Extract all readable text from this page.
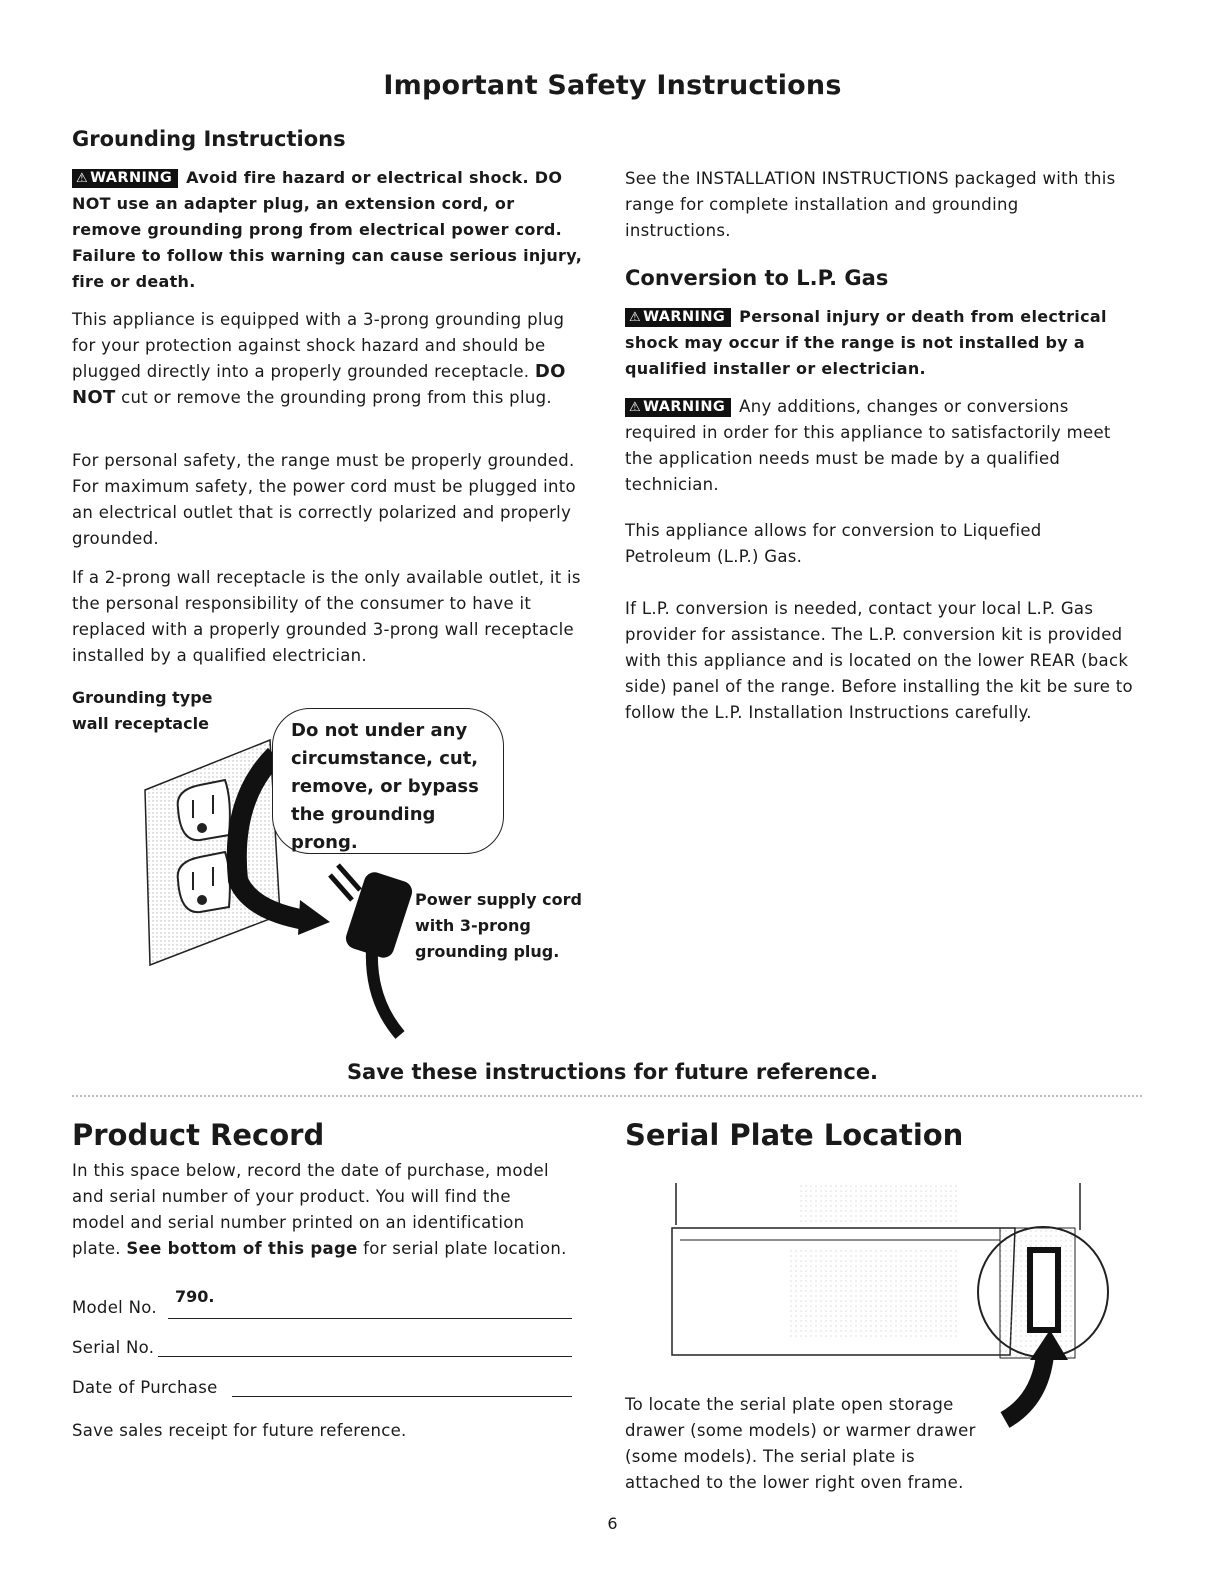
Important Safety Instructions
Grounding Instructions

⚠ WARNING Avoid fire hazard or electrical shock. DO NOT use an adapter plug, an extension cord, or remove grounding prong from electrical power cord. Failure to follow this warning can cause serious injury, fire or death.

This appliance is equipped with a 3-prong grounding plug for your protection against shock hazard and should be plugged directly into a properly grounded receptacle. DO NOT cut or remove the grounding prong from this plug.

For personal safety, the range must be properly grounded. For maximum safety, the power cord must be plugged into an electrical outlet that is correctly polarized and properly grounded.

If a 2-prong wall receptacle is the only available outlet, it is the personal responsibility of the consumer to have it replaced with a properly grounded 3-prong wall receptacle installed by a qualified electrician.

Grounding type
wall receptacle	Do not under any
circumstance, cut,
remove, or bypass
the grounding prong.
Power supply cord
with 3-prong
grounding plug.

See the INSTALLATION INSTRUCTIONS packaged with this range for complete installation and grounding instructions.

Conversion to L.P. Gas

⚠ WARNING Personal injury or death from electrical shock may occur if the range is not installed by a qualified installer or electrician.

⚠ WARNING Any additions, changes or conversions required in order for this appliance to satisfactorily meet the application needs must be made by a qualified technician.

This appliance allows for conversion to Liquefied Petroleum (L.P.) Gas.

If L.P. conversion is needed, contact your local L.P. Gas provider for assistance. The L.P. conversion kit is provided with this appliance and is located on the lower REAR (back side) panel of the range. Before installing the kit be sure to follow the L.P. Installation Instructions carefully.

Save these instructions for future reference.
Product Record

In this space below, record the date of purchase, model and serial number of your product. You will find the model and serial number printed on an identification plate. See bottom of this page for serial plate location.

Model No.
790.
Serial No.
Date of Purchase

Save sales receipt for future reference.

Serial Plate Location

To locate the serial plate open storage drawer (some models) or warmer drawer (some models). The serial plate is attached to the lower right oven frame.

6
